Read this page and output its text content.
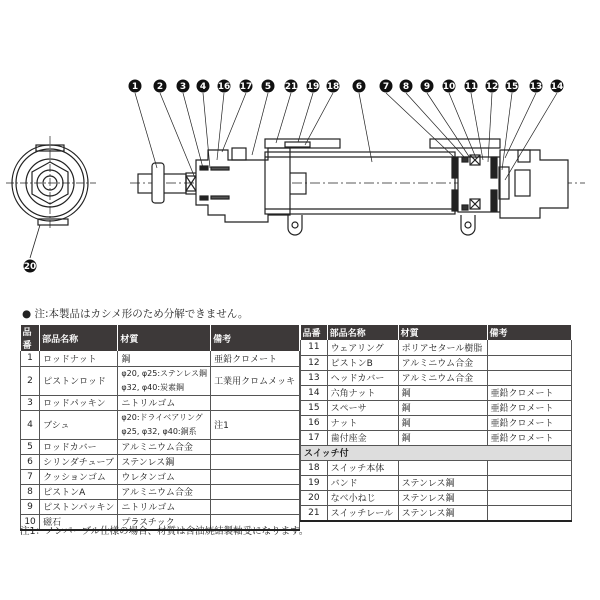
1 2 3 4 16 17 5 21 19 18 6 7 8 9 10 11 12 15 13 14
20
● 注:本製品はカシメ形のため分解できません。
品番	部品名称	材質	備考
1	ロッドナット	鋼	亜鉛クロメート
2	ピストンロッド	φ20, φ25:ステンレス鋼
φ32, φ40:炭素鋼	工業用クロムメッキ
3	ロッドパッキン	ニトリルゴム	
4	ブシュ	φ20:ドライベアリング
φ25, φ32, φ40:銅系	注1
5	ロッドカバー	アルミニウム合金	
6	シリンダチューブ	ステンレス鋼	
7	クッションゴム	ウレタンゴム	
8	ピストンA	アルミニウム合金	
9	ピストンパッキン	ニトリルゴム	
10	磁石	プラスチック	
品番	部品名称	材質	備考
11	ウェアリング	ポリアセタール樹脂	
12	ピストンB	アルミニウム合金	
13	ヘッドカバー	アルミニウム合金	
14	六角ナット	鋼	亜鉛クロメート
15	スペーサ	鋼	亜鉛クロメート
16	ナット	鋼	亜鉛クロメート
17	歯付座金	鋼	亜鉛クロメート
スイッチ付			
18	スイッチ本体		
19	バンド	ステンレス鋼	
20	なべ小ねじ	ステンレス鋼	
21	スイッチレール	ステンレス鋼	
注1：ノンパーブル仕様の場合、材質は含油焼結製軸受になります。
